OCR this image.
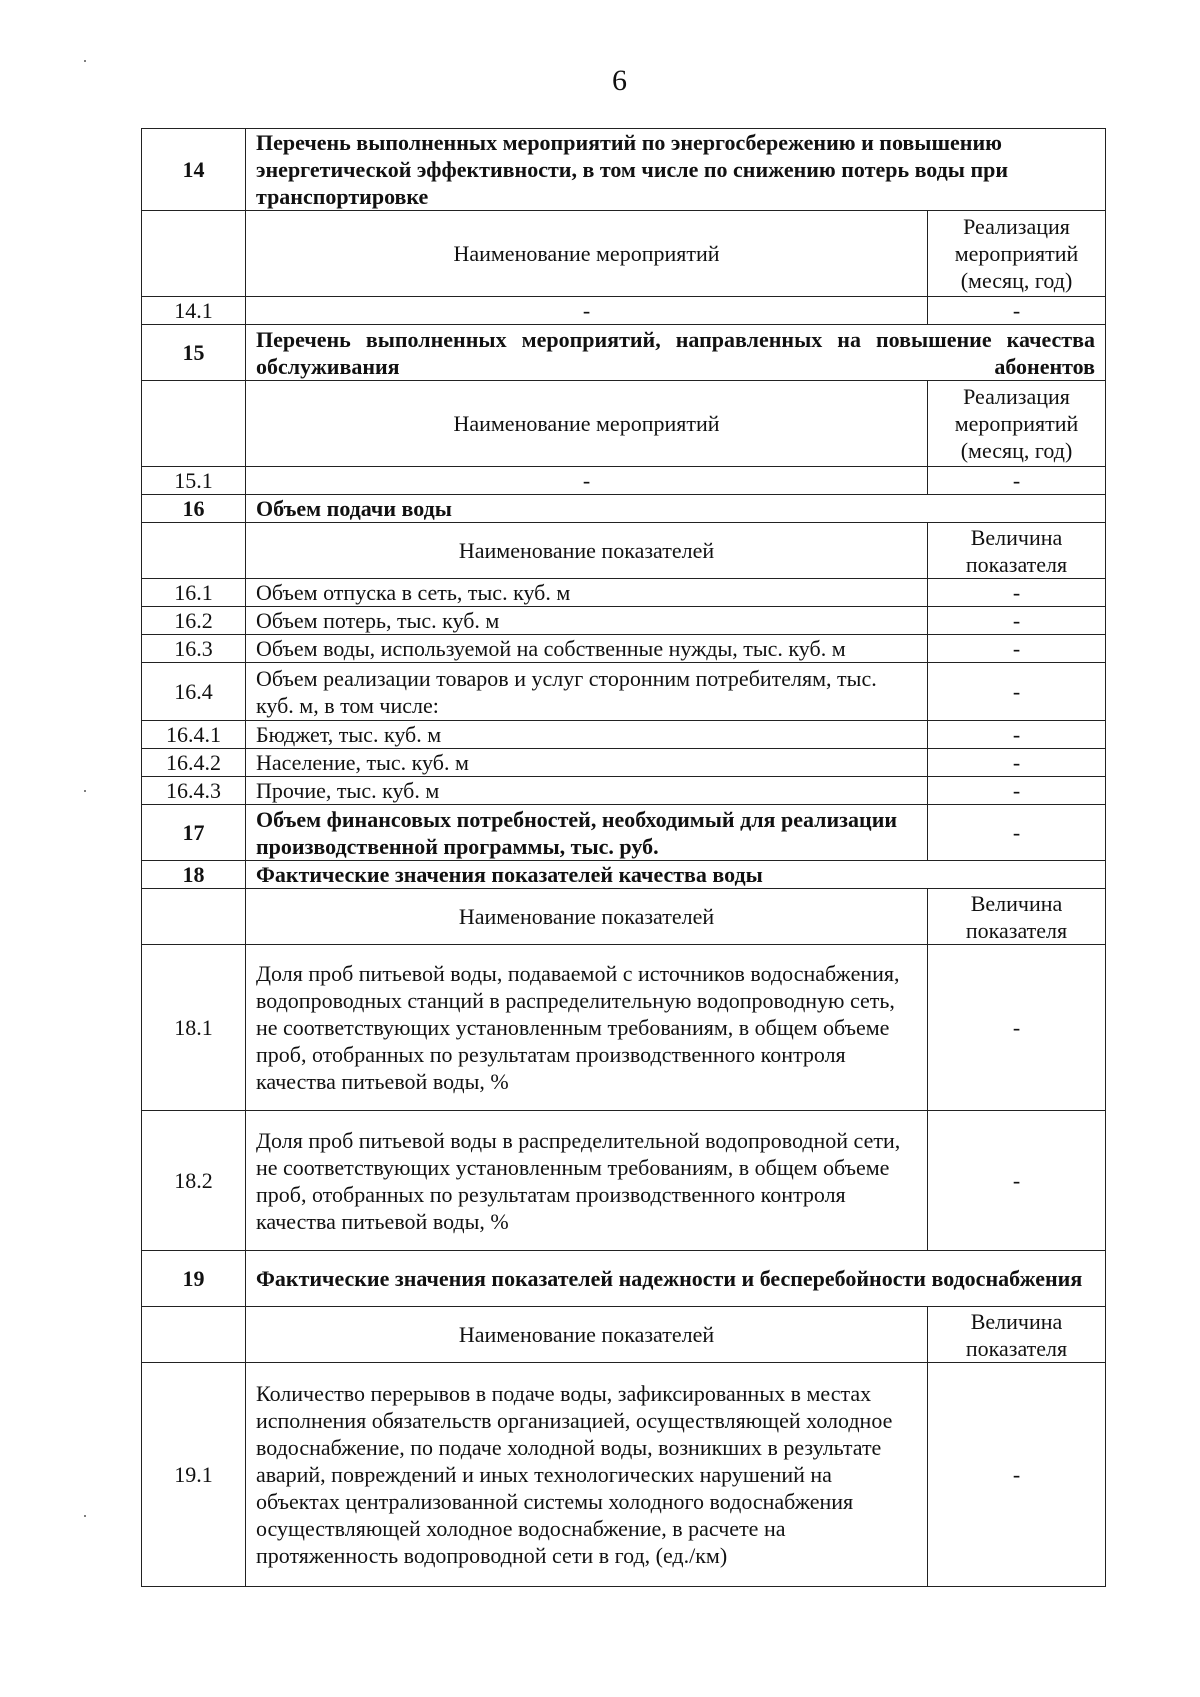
6
14	Перечень выполненных мероприятий по энергосбережению и повышению энергетической эффективности, в том числе по снижению потерь воды при транспортировке	
	Наименование мероприятий	Реализация мероприятий (месяц, год)
14.1	-	-
15	Перечень выполненных мероприятий, направленных на повышение качества обслуживания абонентов	
	Наименование мероприятий	Реализация мероприятий (месяц, год)
15.1	-	-
16	Объем подачи воды	
	Наименование показателей	Величина показателя
16.1	Объем отпуска в сеть, тыс. куб. м	-
16.2	Объем потерь, тыс. куб. м	-
16.3	Объем воды, используемой на собственные нужды, тыс. куб. м	-
16.4	Объем реализации товаров и услуг сторонним потребителям, тыс. куб. м, в том числе:	-
16.4.1	Бюджет, тыс. куб. м	-
16.4.2	Население, тыс. куб. м	-
16.4.3	Прочие, тыс. куб. м	-
17	Объем финансовых потребностей, необходимый для реализации производственной программы, тыс. руб.	-
18	Фактические значения показателей качества воды	
	Наименование показателей	Величина показателя
18.1	Доля проб питьевой воды, подаваемой с источников водоснабжения, водопроводных станций в распределительную водопроводную сеть, не соответствующих установленным требованиям, в общем объеме проб, отобранных по результатам производственного контроля качества питьевой воды, %	-
18.2	Доля проб питьевой воды в распределительной водопроводной сети, не соответствующих установленным требованиям, в общем объеме проб, отобранных по результатам производственного контроля качества питьевой воды, %	-
19	Фактические значения показателей надежности и бесперебойности водоснабжения	
	Наименование показателей	Величина показателя
19.1	Количество перерывов в подаче воды, зафиксированных в местах исполнения обязательств организацией, осуществляющей холодное водоснабжение, по подаче холодной воды, возникших в результате аварий, повреждений и иных технологических нарушений на объектах централизованной системы холодного водоснабжения осуществляющей холодное водоснабжение, в расчете на протяженность водопроводной сети в год, (ед./км)	-
